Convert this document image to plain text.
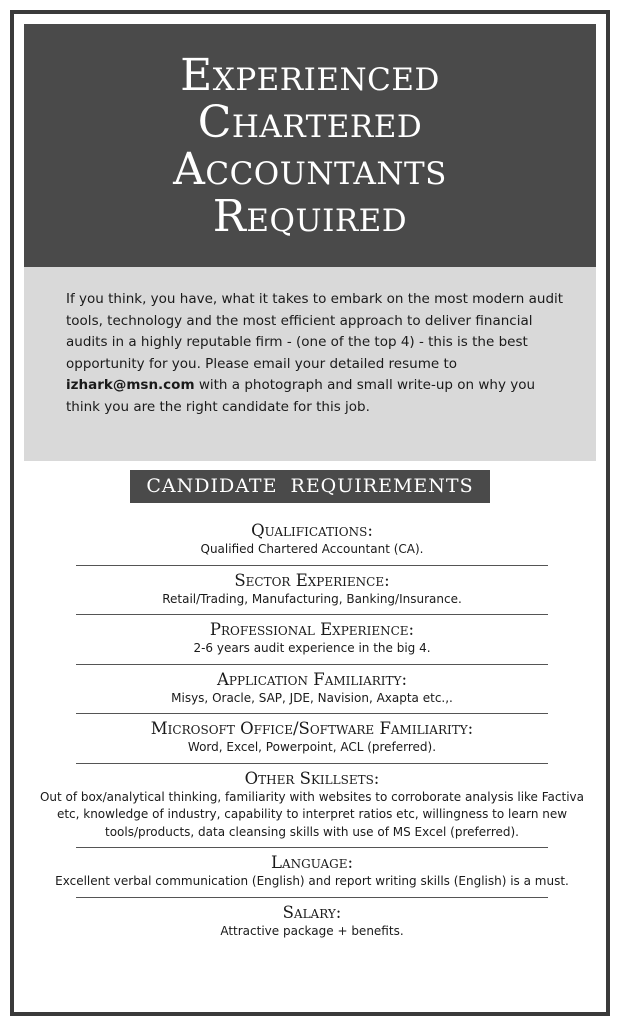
Experienced
Chartered
Accountants
Required
If you think, you have, what it takes to embark on the most modern audit tools, technology and the most efficient approach to deliver financial audits in a highly reputable firm - (one of the top 4) - this is the best opportunity for you. Please email your detailed resume to izhark@msn.com with a photograph and small write-up on why you think you are the right candidate for this job.
CANDIDATE REQUIREMENTS
Qualifications:
Qualified Chartered Accountant (CA).
Sector Experience:
Retail/Trading, Manufacturing, Banking/Insurance.
Professional Experience:
2-6 years audit experience in the big 4.
Application Familiarity:
Misys, Oracle, SAP, JDE, Navision, Axapta etc.,.
Microsoft Office/Software Familiarity:
Word, Excel, Powerpoint, ACL (preferred).
Other Skillsets:
Out of box/analytical thinking, familiarity with websites to corroborate analysis like Factiva etc, knowledge of industry, capability to interpret ratios etc, willingness to learn new tools/products, data cleansing skills with use of MS Excel (preferred).
Language:
Excellent verbal communication (English) and report writing skills (English) is a must.
Salary:
Attractive package + benefits.
